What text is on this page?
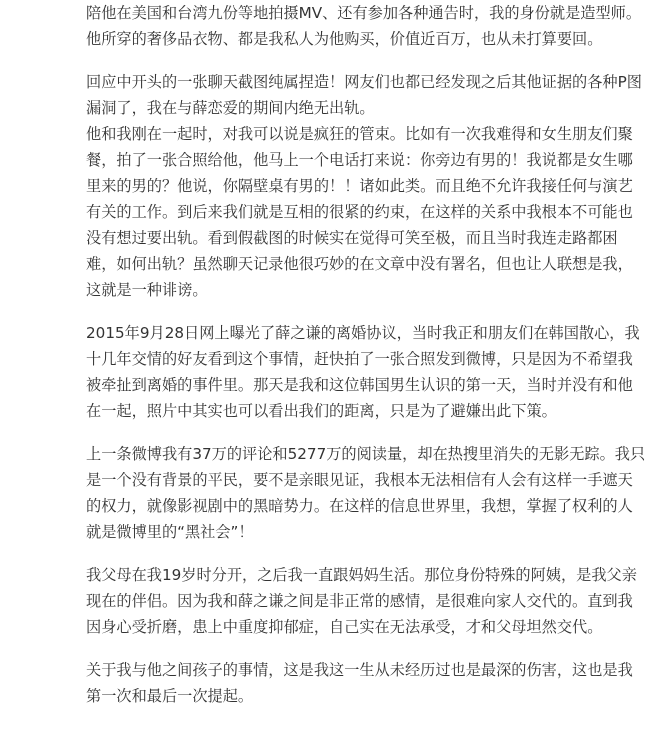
陪他在美国和台湾九份等地拍摄MV、还有参加各种通告时，我的身份就是造型师。
他所穿的奢侈品衣物、都是我私人为他购买，价值近百万，也从未打算要回。

回应中开头的一张聊天截图纯属捏造！网友们也都已经发现之后其他证据的各种P图
漏洞了，我在与薛恋爱的期间内绝无出轨。
他和我刚在一起时，对我可以说是疯狂的管束。比如有一次我难得和女生朋友们聚
餐，拍了一张合照给他，他马上一个电话打来说：你旁边有男的！我说都是女生哪
里来的男的？他说，你隔壁桌有男的！！诸如此类。而且绝不允许我接任何与演艺
有关的工作。到后来我们就是互相的很紧的约束，在这样的关系中我根本不可能也
没有想过要出轨。看到假截图的时候实在觉得可笑至极，而且当时我连走路都困
难，如何出轨？虽然聊天记录他很巧妙的在文章中没有署名，但也让人联想是我，
这就是一种诽谤。

2015年9月28日网上曝光了薛之谦的离婚协议，当时我正和朋友们在韩国散心，我
十几年交情的好友看到这个事情，赶快拍了一张合照发到微博，只是因为不希望我
被牵扯到离婚的事件里。那天是我和这位韩国男生认识的第一天，当时并没有和他
在一起，照片中其实也可以看出我们的距离，只是为了避嫌出此下策。

上一条微博我有37万的评论和5277万的阅读量，却在热搜里消失的无影无踪。我只
是一个没有背景的平民，要不是亲眼见证，我根本无法相信有人会有这样一手遮天
的权力，就像影视剧中的黑暗势力。在这样的信息世界里，我想，掌握了权利的人
就是微博里的“黑社会”！

我父母在我19岁时分开，之后我一直跟妈妈生活。那位身份特殊的阿姨，是我父亲
现在的伴侣。因为我和薛之谦之间是非正常的感情，是很难向家人交代的。直到我
因身心受折磨，患上中重度抑郁症，自己实在无法承受，才和父母坦然交代。

关于我与他之间孩子的事情，这是我这一生从未经历过也是最深的伤害，这也是我
第一次和最后一次提起。
